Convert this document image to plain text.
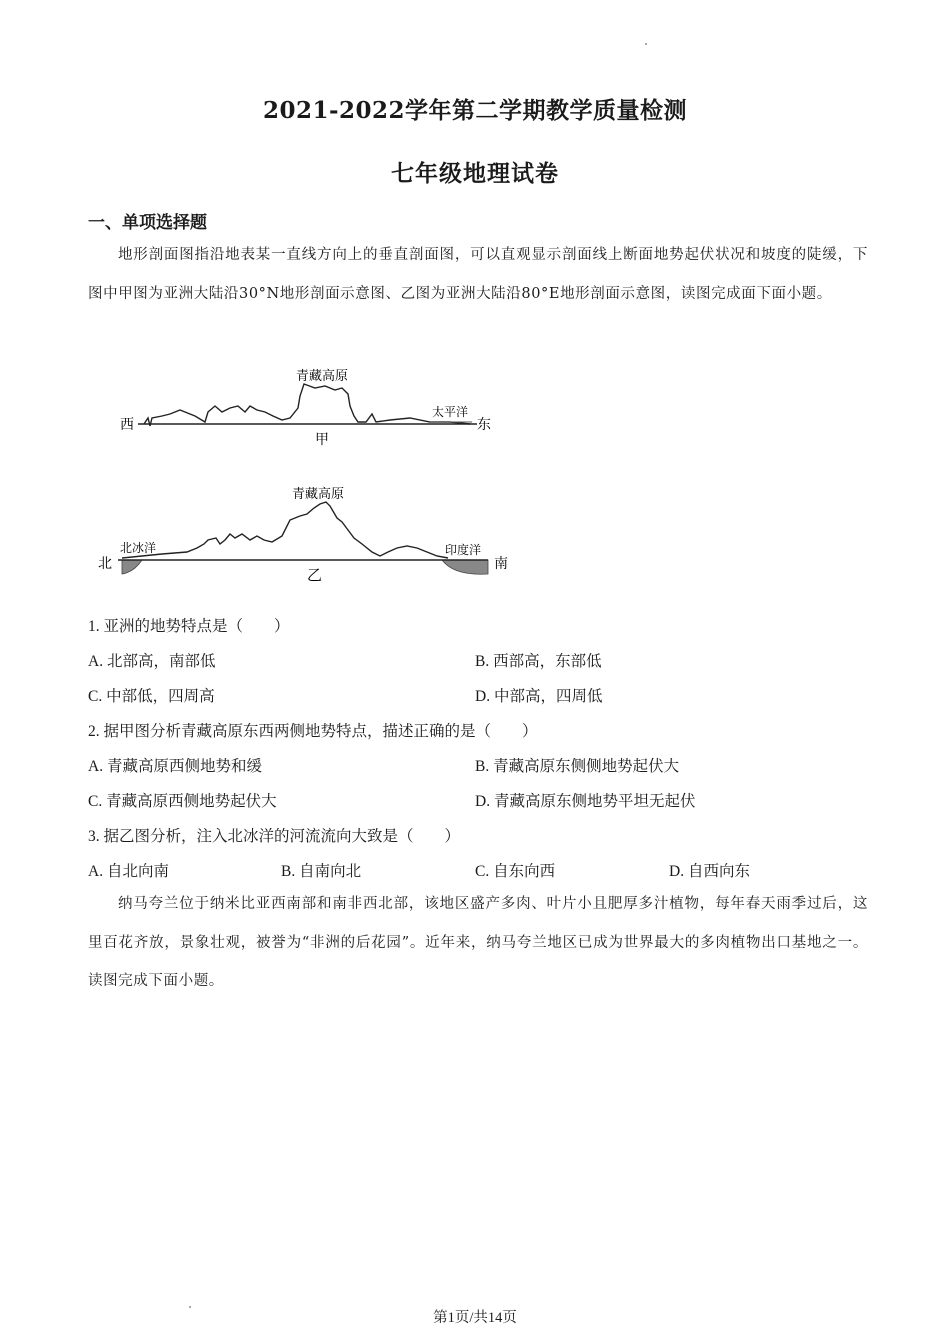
2021-2022学年第二学期教学质量检测
七年级地理试卷
一、单项选择题
地形剖面图指沿地表某一直线方向上的垂直剖面图，可以直观显示剖面线上断面地势起伏状况和坡度的陡缓，下图中甲图为亚洲大陆沿30°N地形剖面示意图、乙图为亚洲大陆沿80°E地形剖面示意图，读图完成面下面小题。
西
青藏高原
太平洋
东
甲
北
北冰洋
青藏高原
印度洋
南
乙
1. 亚洲的地势特点是（　　）
A. 北部高，南部低	B. 西部高，东部低
C. 中部低，四周高	D. 中部高，四周低
2. 据甲图分析青藏高原东西两侧地势特点，描述正确的是（　　）
A. 青藏高原西侧地势和缓	B. 青藏高原东侧侧地势起伏大
C. 青藏高原西侧地势起伏大	D. 青藏高原东侧地势平坦无起伏
3. 据乙图分析，注入北冰洋的河流流向大致是（　　）
A. 自北向南	B. 自南向北	C. 自东向西	D. 自西向东
纳马夸兰位于纳米比亚西南部和南非西北部，该地区盛产多肉、叶片小且肥厚多汁植物，每年春天雨季过后，这里百花齐放，景象壮观，被誉为“非洲的后花园”。近年来，纳马夸兰地区已成为世界最大的多肉植物出口基地之一。读图完成下面小题。
第1页/共14页
